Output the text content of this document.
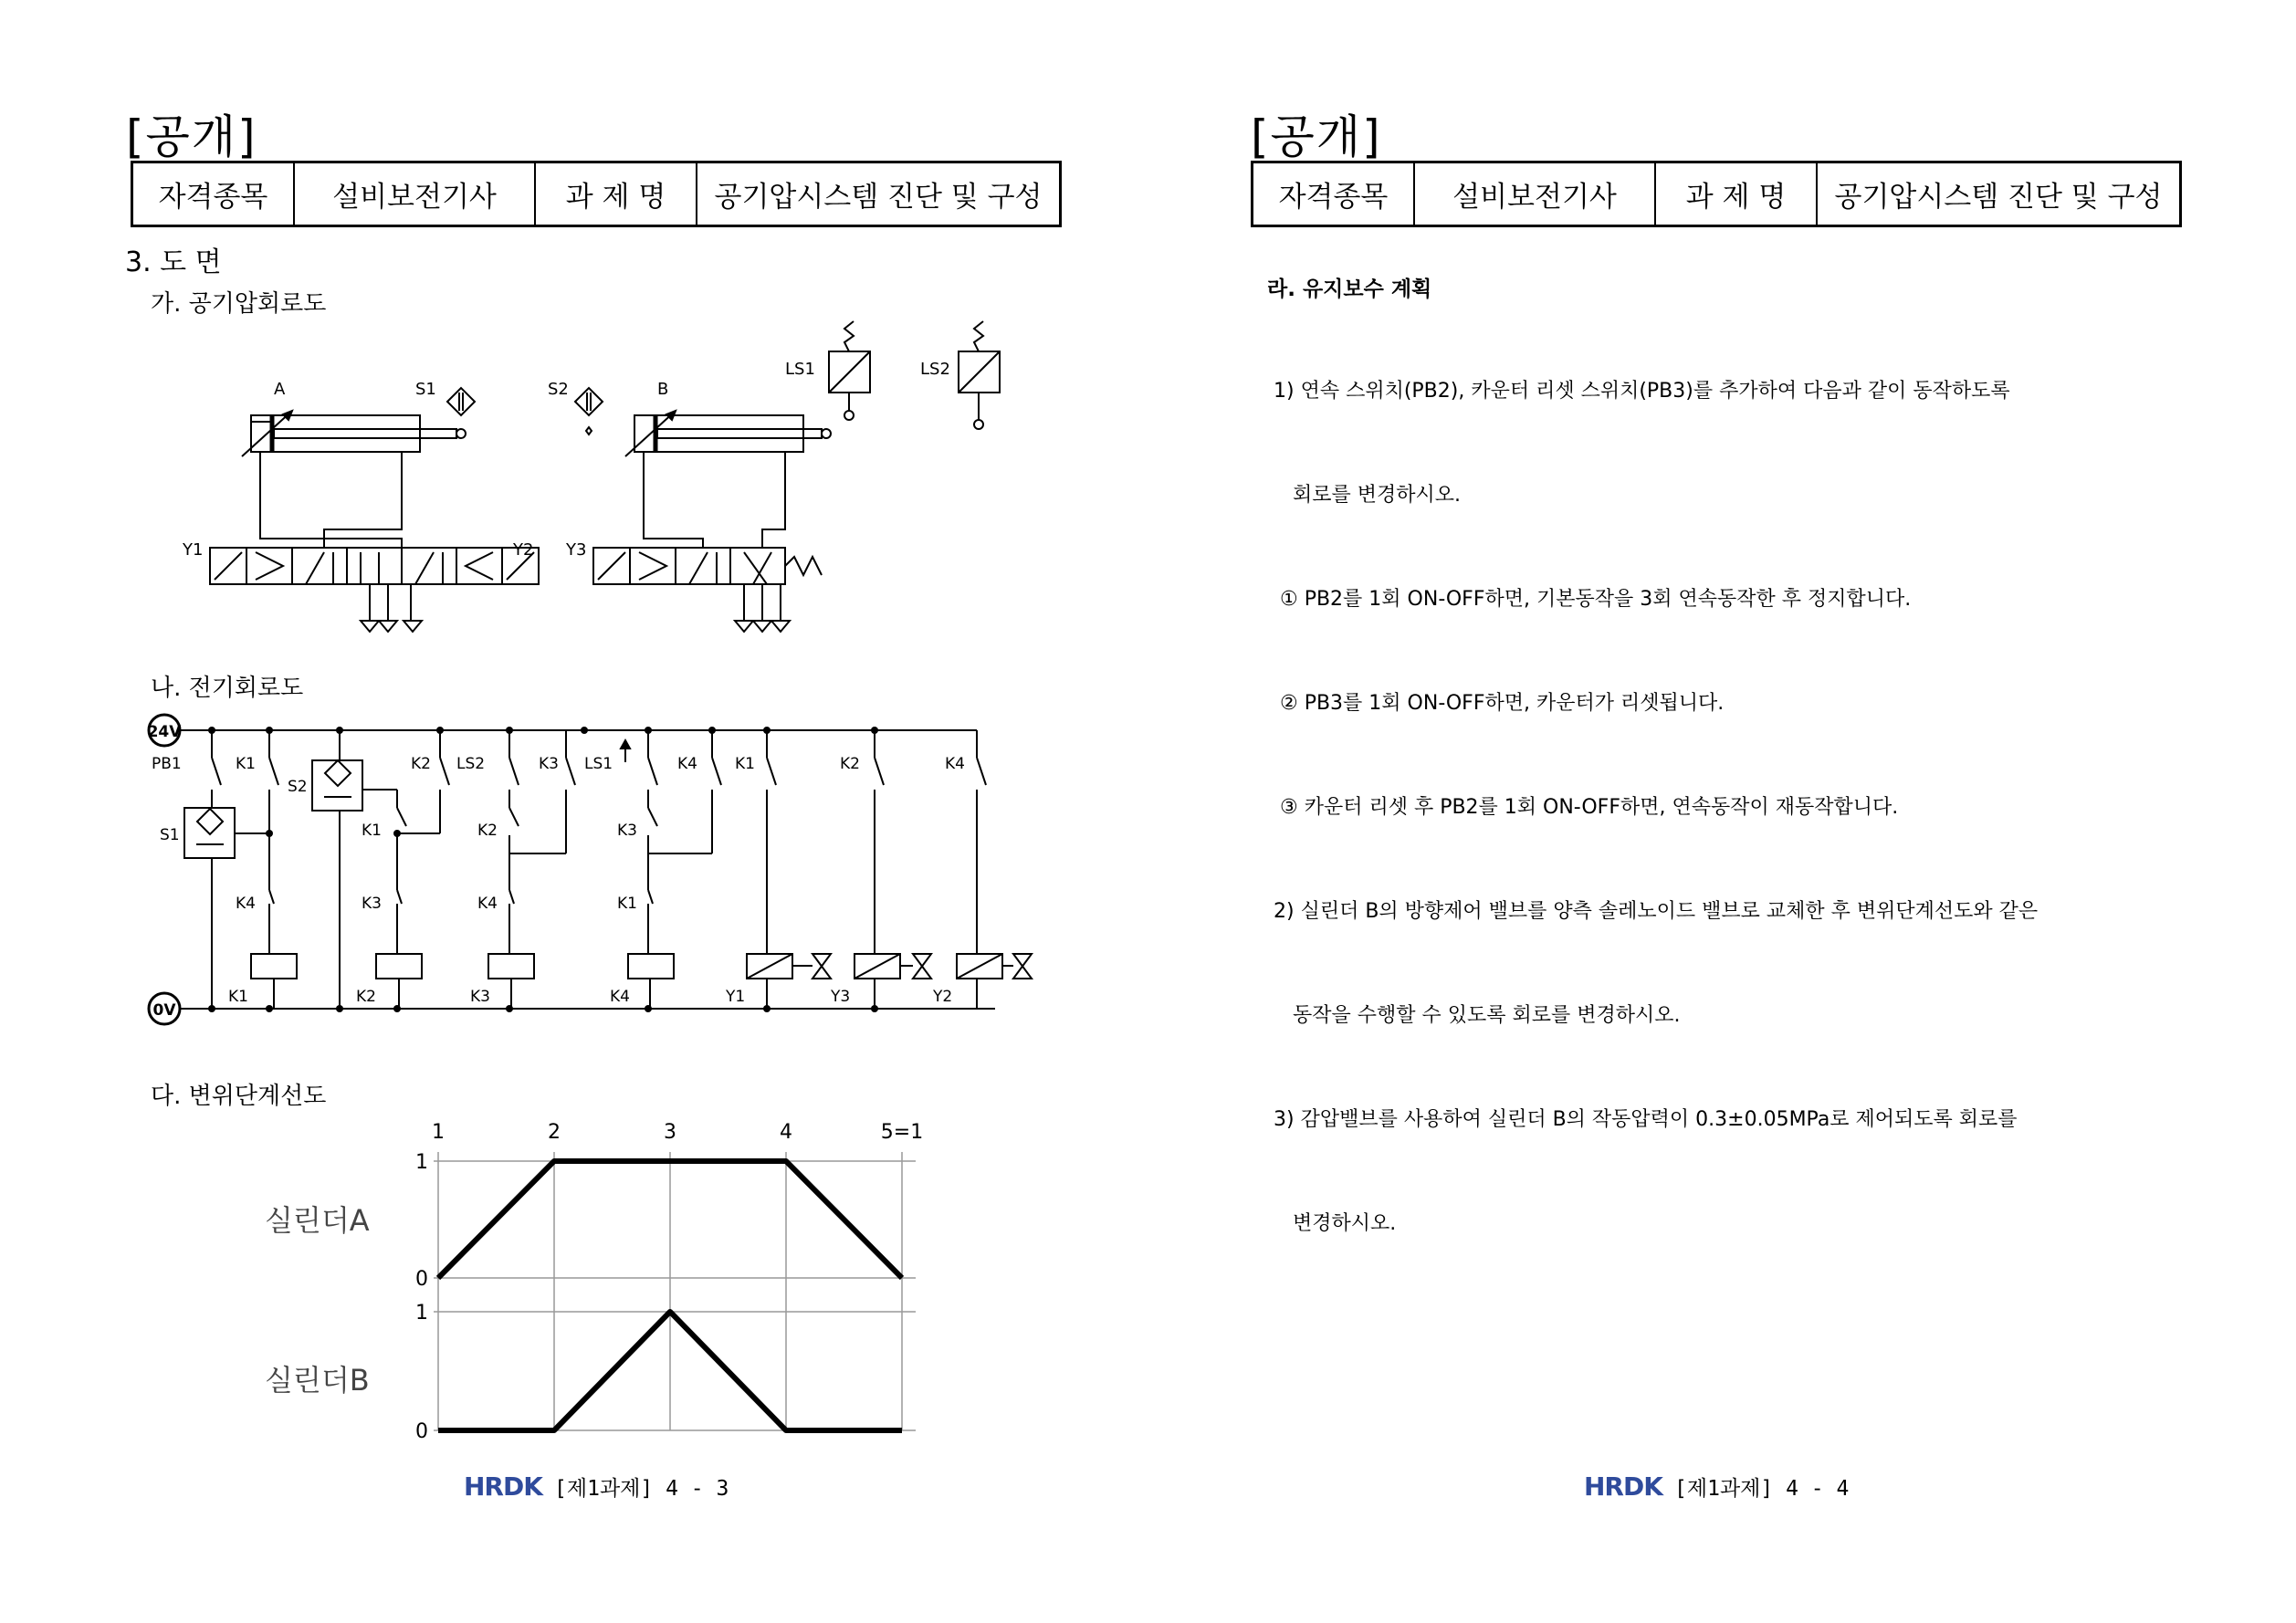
[공개]
자격종목	설비보전기사	과 제 명	공기압시스템 진단 및 구성
3. 도 면
가. 공기압회로도
A	S1	S2	B
LS1	LS2
Y1	Y2 Y3
나. 전기회로도
24V
0V
PB1	K1	K2 LS2	K3 LS1	K4 K1	K2	K4
S1
S2
K1	K2	K3
K4	K3	K4	K1
K1	K2	K3	K4	Y1	Y3	Y2
다. 변위단계선도
1	2	3	4	5=1
1
0
1
0
실린더A
실린더B
HRDK [제1과제] 4 - 3
[공개]
자격종목	설비보전기사	과 제 명	공기압시스템 진단 및 구성
라. 유지보수 계획

1) 연속 스위치(PB2), 카운터 리셋 스위치(PB3)를 추가하여 다음과 같이 동작하도록

회로를 변경하시오.

① PB2를 1회 ON-OFF하면, 기본동작을 3회 연속동작한 후 정지합니다.

② PB3를 1회 ON-OFF하면, 카운터가 리셋됩니다.

③ 카운터 리셋 후 PB2를 1회 ON-OFF하면, 연속동작이 재동작합니다.

2) 실린더 B의 방향제어 밸브를 양측 솔레노이드 밸브로 교체한 후 변위단계선도와 같은

동작을 수행할 수 있도록 회로를 변경하시오.

3) 감압밸브를 사용하여 실린더 B의 작동압력이 0.3±0.05MPa로 제어되도록 회로를

변경하시오.

HRDK [제1과제] 4 - 4
